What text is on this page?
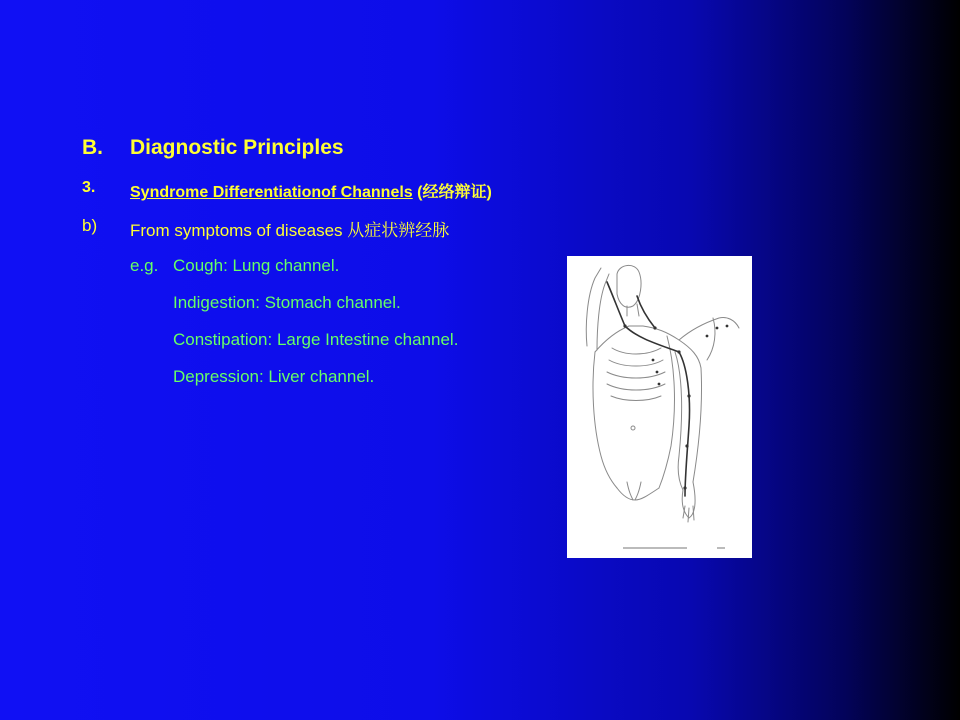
B. Diagnostic Principles
3. Syndrome Differentiationof Channels (经络辩证)
b) From symptoms of diseases 从症状辨经脉
e.g. Cough: Lung channel.
Indigestion: Stomach channel.
Constipation: Large Intestine channel.
Depression: Liver channel.
